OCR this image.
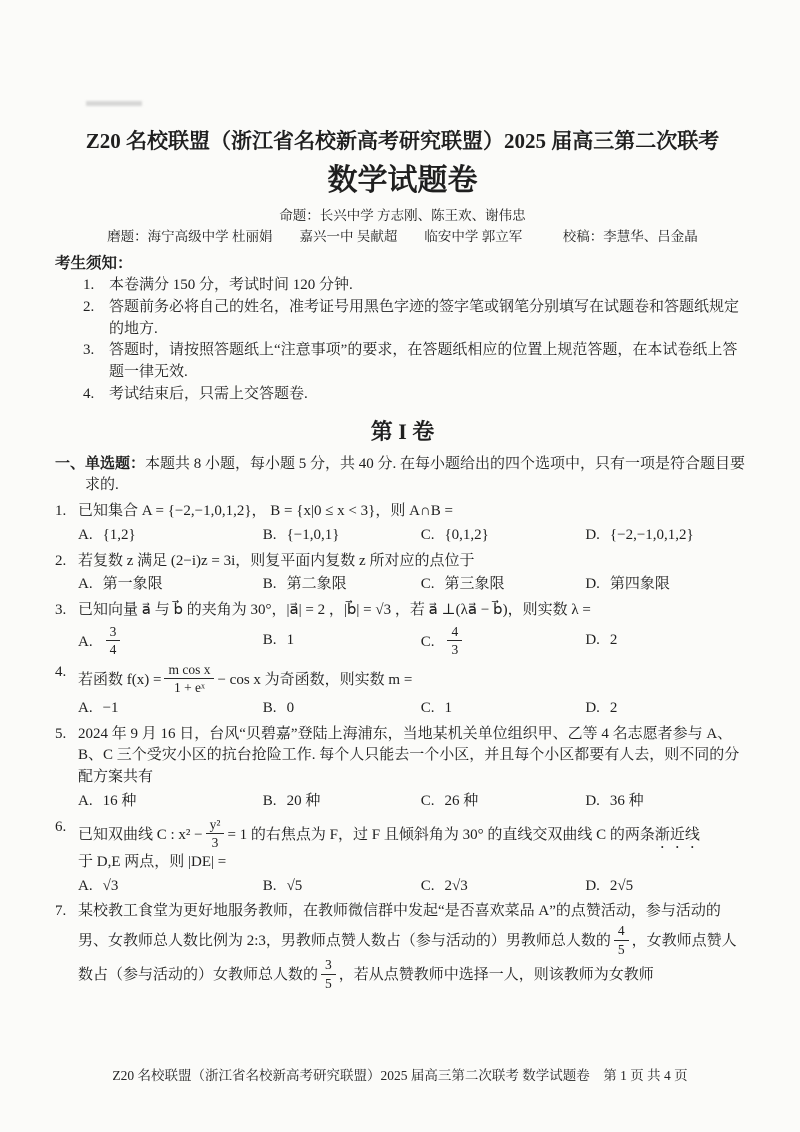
Z20 名校联盟（浙江省名校新高考研究联盟）2025 届高三第二次联考
数学试题卷
命题：长兴中学 方志刚、陈王欢、谢伟忠
磨题：海宁高级中学 杜丽娟　　嘉兴一中 吴献超　　临安中学 郭立军　　　校稿：李慧华、吕金晶
考生须知：
1. 本卷满分 150 分，考试时间 120 分钟.
2. 答题前务必将自己的姓名，准考证号用黑色字迹的签字笔或钢笔分别填写在试题卷和答题纸规定的地方.
3. 答题时，请按照答题纸上“注意事项”的要求，在答题纸相应的位置上规范答题，在本试卷纸上答题一律无效.
4. 考试结束后，只需上交答题卷.
第 I 卷
一、单选题：本题共 8 小题，每小题 5 分，共 40 分. 在每小题给出的四个选项中，只有一项是符合题目要求的.
1. 已知集合 A = {−2,−1,0,1,2}， B = {x|0 ≤ x < 3}，则 A∩B =
A. {1,2}	B. {−1,0,1}	C. {0,1,2}	D. {−2,−1,0,1,2}
2. 若复数 z 满足 (2−i)z = 3i，则复平面内复数 z 所对应的点位于
A. 第一象限	B. 第二象限	C. 第三象限	D. 第四象限
3. 已知向量 a⃗ 与 b⃗ 的夹角为 30°，|a⃗| = 2 ，|b⃗| = √3 ，若 a⃗ ⊥(λa⃗ − b⃗)，则实数 λ =
A. $\frac{3}{4}$	B. 1	C. $\frac{4}{3}$	D. 2
4.
若函数 $f(x) = \frac{\text{m cos x}}{\text{1 + eˣ}} - \cos x$ 为奇函数，则实数 m =
A. −1	B. 0	C. 1	D. 2
5. 2024 年 9 月 16 日，台风“贝碧嘉”登陆上海浦东，当地某机关单位组织甲、乙等 4 名志愿者参与 A、B、C 三个受灾小区的抗台抢险工作. 每个人只能去一个小区，并且每个小区都要有人去，则不同的分配方案共有
A. 16 种	B. 20 种	C. 26 种	D. 36 种
6.
已知双曲线 C : $x^2 - \frac{\text{y²}}{3} = 1$ 的右焦点为 F，过 F 且倾斜角为 30° 的直线交双曲线 C 的两条渐近线
于 D,E 两点，则 |DE| =
A. √3	B. √5	C. 2√3	D. 2√5
7. 某校教工食堂为更好地服务教师，在教师微信群中发起“是否喜欢菜品 A”的点赞活动，参与活动的男、女教师总人数比例为 2:3，男教师点赞人数占（参与活动的）男教师总人数的 $\frac{4}{5}$ ，女教师点赞人数占（参与活动的）女教师总人数的 $\frac{3}{5}$ ，若从点赞教师中选择一人，则该教师为女教师
Z20 名校联盟（浙江省名校新高考研究联盟）2025 届高三第二次联考 数学试题卷　第 1 页 共 4 页
